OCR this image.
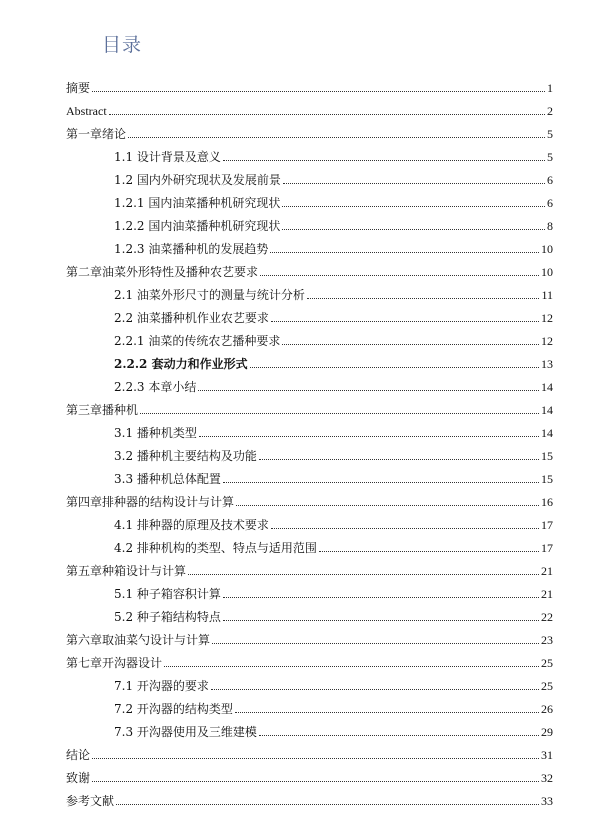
目录
摘要	1
Abstract	2
第一章绪论	5
1.1 设计背景及意义	5
1.2 国内外研究现状及发展前景	6
1.2.1 国内油菜播种机研究现状	6
1.2.2 国内油菜播种机研究现状	8
1.2.3 油菜播种机的发展趋势	10
第二章油菜外形特性及播种农艺要求	10
2.1 油菜外形尺寸的测量与统计分析	11
2.2 油菜播种机作业农艺要求	12
2.2.1 油菜的传统农艺播种要求	12
2.2.2 套动力和作业形式	13
2.2.3 本章小结	14
第三章播种机	14
3.1 播种机类型	14
3.2 播种机主要结构及功能	15
3.3 播种机总体配置	15
第四章排种器的结构设计与计算	16
4.1 排种器的原理及技术要求	17
4.2 排种机构的类型、特点与适用范围	17
第五章种箱设计与计算	21
5.1 种子箱容积计算	21
5.2 种子箱结构特点	22
第六章取油菜勺设计与计算	23
第七章开沟器设计	25
7.1 开沟器的要求	25
7.2 开沟器的结构类型	26
7.3 开沟器使用及三维建模	29
结论	31
致谢	32
参考文献	33
